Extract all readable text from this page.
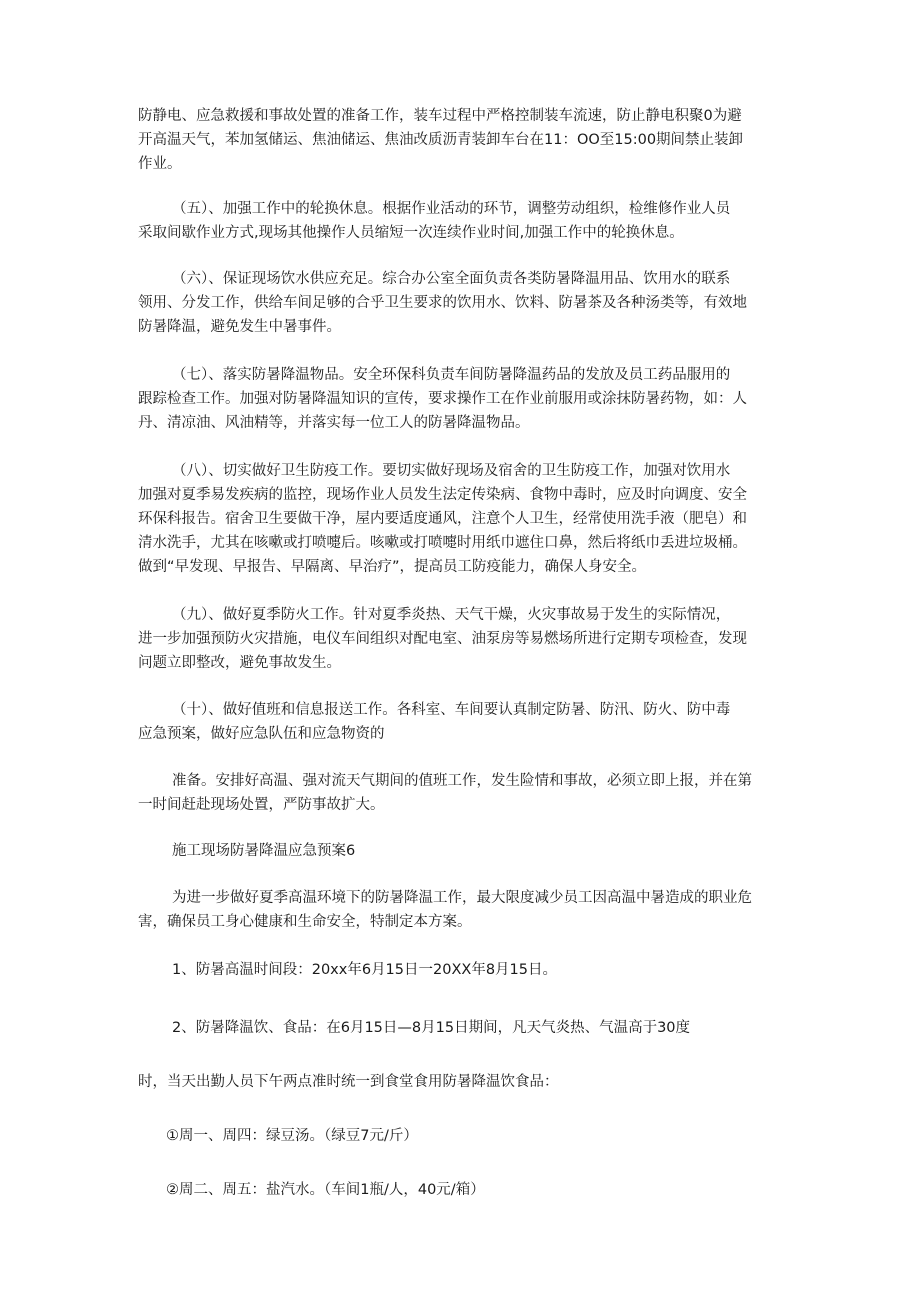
防静电、应急救援和事故处置的准备工作，装车过程中严格控制装车流速，防止静电积聚0为避

开高温天气，苯加氢储运、焦油储运、焦油改质沥青装卸车台在11：OO至15:00期间禁止装卸

作业。

（五）、加强工作中的轮换休息。根据作业活动的环节，调整劳动组织，检维修作业人员

采取间歇作业方式,现场其他操作人员缩短一次连续作业时间,加强工作中的轮换休息。

（六）、保证现场饮水供应充足。综合办公室全面负责各类防暑降温用品、饮用水的联系

领用、分发工作，供给车间足够的合乎卫生要求的饮用水、饮料、防暑茶及各种汤类等，有效地

防暑降温，避免发生中暑事件。

（七）、落实防暑降温物品。安全环保科负责车间防暑降温药品的发放及员工药品服用的

跟踪检查工作。加强对防暑降温知识的宣传，要求操作工在作业前服用或涂抹防暑药物，如：人

丹、清凉油、风油精等，并落实每一位工人的防暑降温物品。

（八）、切实做好卫生防疫工作。要切实做好现场及宿舍的卫生防疫工作，加强对饮用水

加强对夏季易发疾病的监控，现场作业人员发生法定传染病、食物中毒时，应及时向调度、安全

环保科报告。宿舍卫生要做干净，屋内要适度通风，注意个人卫生，经常使用洗手液（肥皂）和

清水洗手，尤其在咳嗽或打喷嚏后。咳嗽或打喷嚏时用纸巾遮住口鼻，然后将纸巾丢进垃圾桶。

做到“早发现、早报告、早隔离、早治疗”，提高员工防疫能力，确保人身安全。

（九）、做好夏季防火工作。针对夏季炎热、天气干燥，火灾事故易于发生的实际情况，

进一步加强预防火灾措施，电仪车间组织对配电室、油泵房等易燃场所进行定期专项检查，发现

问题立即整改，避免事故发生。

（十）、做好值班和信息报送工作。各科室、车间要认真制定防暑、防汛、防火、防中毒

应急预案，做好应急队伍和应急物资的

准备。安排好高温、强对流天气期间的值班工作，发生险情和事故，必须立即上报，并在第

一时间赶赴现场处置，严防事故扩大。

施工现场防暑降温应急预案6

为进一步做好夏季高温环境下的防暑降温工作，最大限度减少员工因高温中暑造成的职业危

害，确保员工身心健康和生命安全，特制定本方案。

1、防暑高温时间段：20xx年6月15日一20XX年8月15日。
2、防暑降温饮、食品：在6月15日—8月15日期间，凡天气炎热、气温高于30度
时，当天出勤人员下午两点准时统一到食堂食用防暑降温饮食品：
①周一、周四：绿豆汤。（绿豆7元/斤）
②周二、周五：盐汽水。（车间1瓶/人，40元/箱）
